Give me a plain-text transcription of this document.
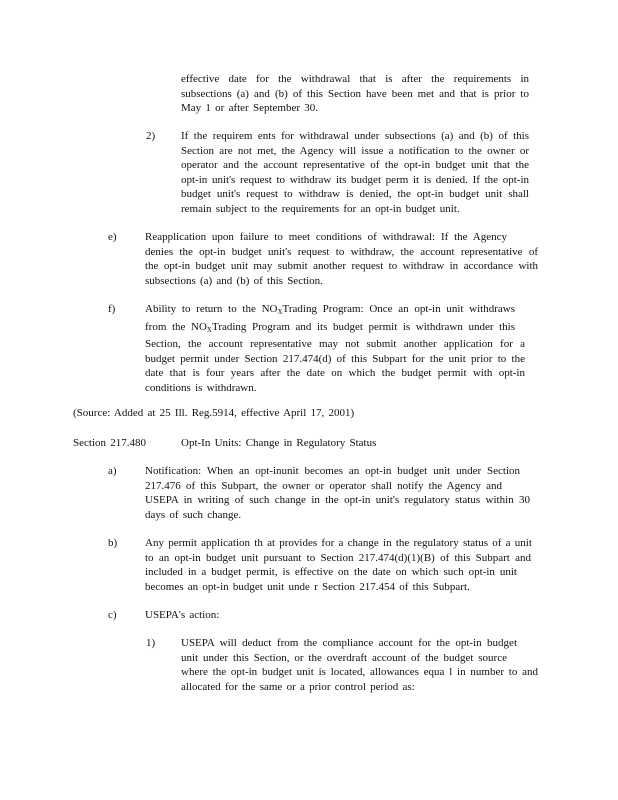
effective date for the withdrawal that is after the requirements in
subsections (a) and (b) of this Section have been met and that is prior to
May 1 or after September 30.
2) If the requirem ents for withdrawal under subsections (a) and (b) of this
Section are not met, the Agency will issue a notification to the owner or
operator and the account representative of the opt-in budget unit that the
opt-in unit's request to withdraw its budget perm it is denied. If the opt-in
budget unit's request to withdraw is denied, the opt-in budget unit shall
remain subject to the requirements for an opt-in budget unit.
e)	Reapplication upon failure to meet conditions of withdrawal: If the Agency
denies the opt-in budget unit's request to withdraw, the account representative of
the opt-in budget unit may submit another request to withdraw in accordance with
subsections (a) and (b) of this Section.
f)	Ability to return to the $NO_XTrading$ Program: Once an opt-in unit withdraws
from the $NO_XTrading$ Program and its budget permit is withdrawn under this
Section, the account representative may not submit another application for a
budget permit under Section 217.474(d) of this Subpart for the unit prior to the
date that is four years after the date on which the budget permit with opt-in
conditions is withdrawn.
(Source: Added at 25 Ill. Reg.5914, effective April 17, 2001)
Section 217.480	Opt-In Units: Change in Regulatory Status
a)	Notification: When an opt-inunit becomes an opt-in budget unit under Section
217.476 of this Subpart, the owner or operator shall notify the Agency and
USEPA in writing of such change in the opt-in unit's regulatory status within 30
days of such change.
b)	Any permit application th at provides for a change in the regulatory status of a unit
to an opt-in budget unit pursuant to Section 217.474(d)(1)(B) of this Subpart and
included in a budget permit, is effective on the date on which such opt-in unit
becomes an opt-in budget unit unde r Section 217.454 of this Subpart.
c)	USEPA's action:
1) USEPA will deduct from the compliance account for the opt-in budget
unit under this Section, or the overdraft account of the budget source
where the opt-in budget unit is located, allowances equa l in number to and
allocated for the same or a prior control period as:
